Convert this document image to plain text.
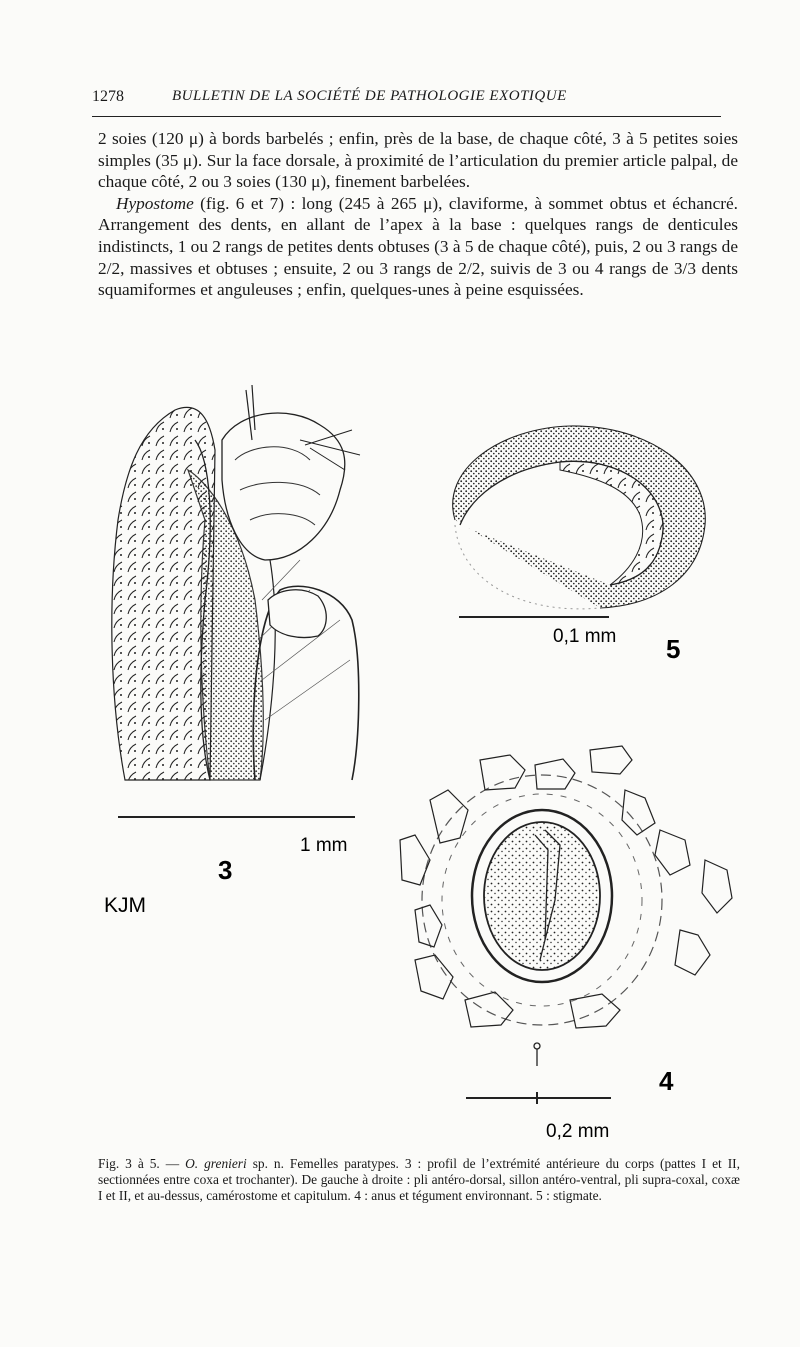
1278	BULLETIN DE LA SOCIÉTÉ DE PATHOLOGIE EXOTIQUE

2 soies (120 μ) à bords barbelés ; enfin, près de la base, de chaque côté, 3 à 5 petites soies simples (35 μ). Sur la face dorsale, à proximité de l’articulation du premier article palpal, de chaque côté, 2 ou 3 soies (130 μ), finement barbelées.

Hypostome (fig. 6 et 7) : long (245 à 265 μ), claviforme, à sommet obtus et échancré. Arrangement des dents, en allant de l’apex à la base : quelques rangs de denticules indistincts, 1 ou 2 rangs de petites dents obtuses (3 à 5 de chaque côté), puis, 2 ou 3 rangs de 2/2, massives et obtuses ; ensuite, 2 ou 3 rangs de 2/2, suivis de 3 ou 4 rangs de 3/3 dents squamiformes et anguleuses ; enfin, quelques-unes à peine esquissées.

1 mm
3
KJM
0,1 mm 5
0,2 mm
4
Fig. 3 à 5. — O. grenieri sp. n. Femelles paratypes. 3 : profil de l’extrémité antérieure du corps (pattes I et II, sectionnées entre coxa et trochanter). De gauche à droite : pli antéro-dorsal, sillon antéro-ventral, pli supra-coxal, coxæ I et II, et au-dessus, camérostome et capitulum. 4 : anus et tégument environnant. 5 : stigmate.
